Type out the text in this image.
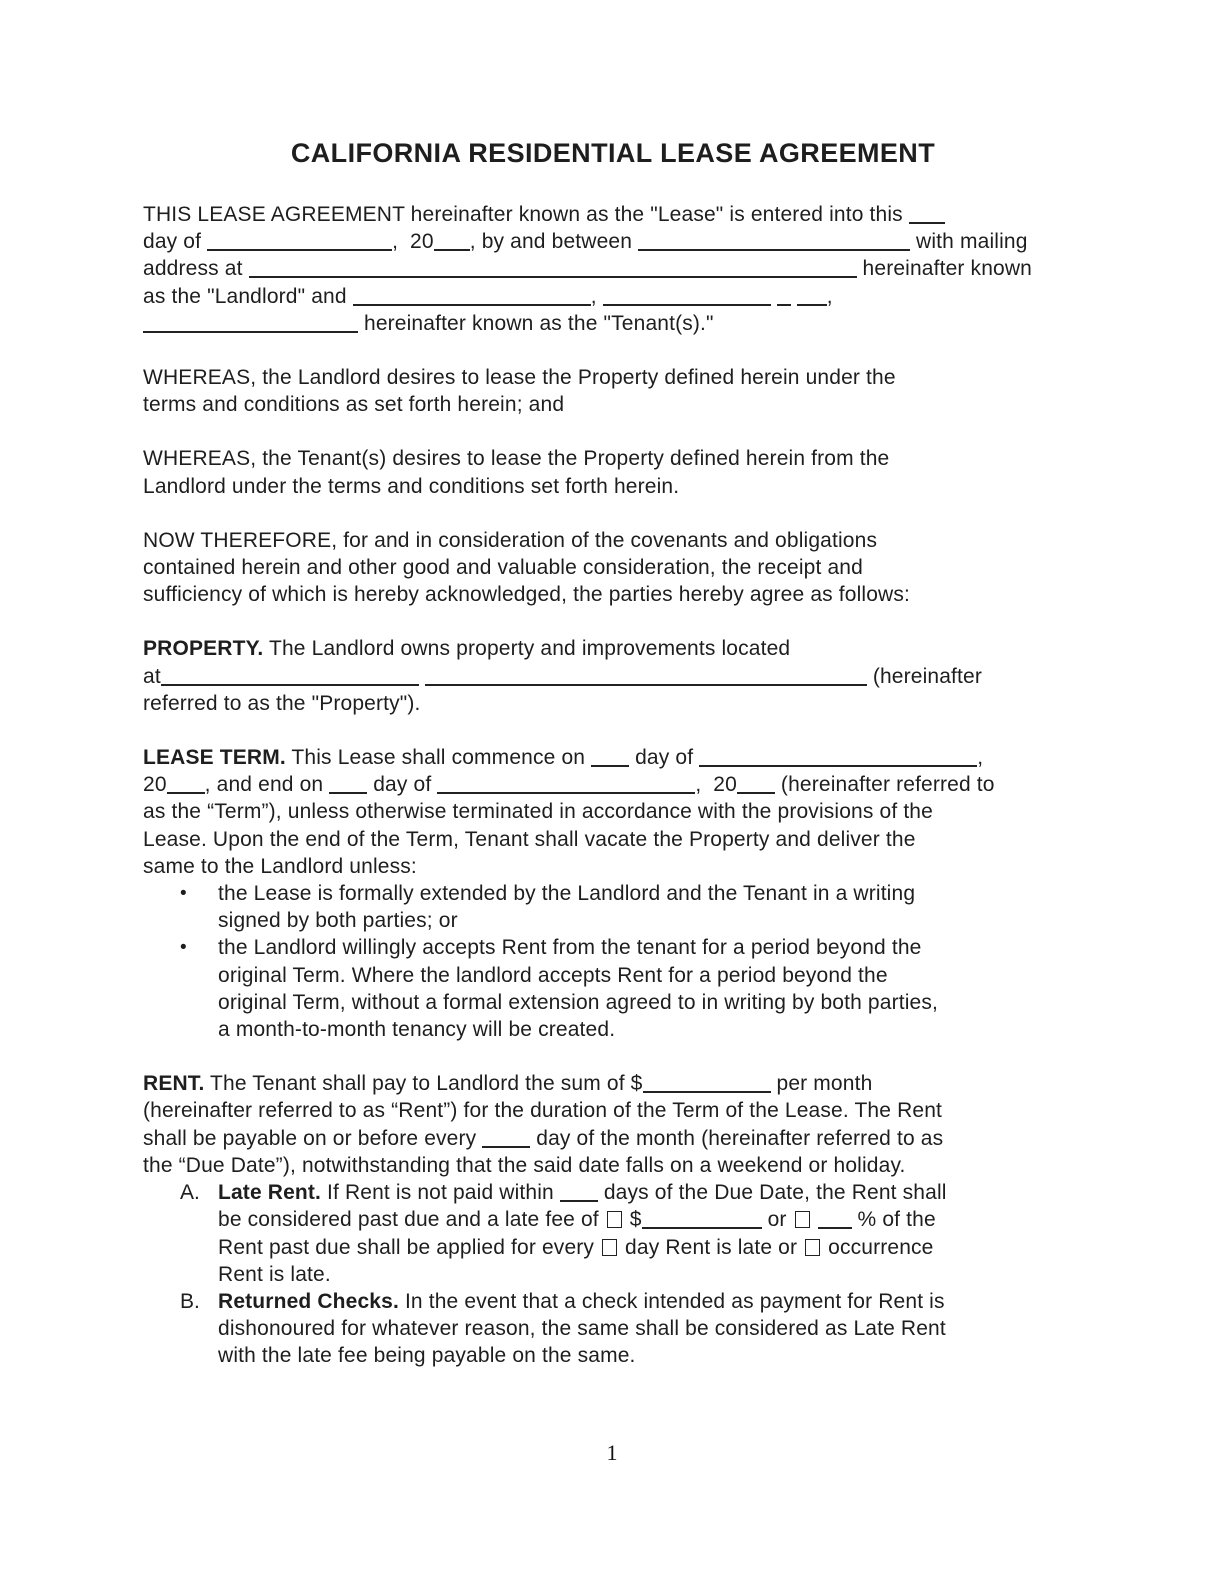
CALIFORNIA RESIDENTIAL LEASE AGREEMENT
THIS LEASE AGREEMENT hereinafter known as the "Lease" is entered into this
day of	,  20 , by and between	with mailing
address at	hereinafter known
as the "Landlord" and	,	,
hereinafter known as the "Tenant(s)."
WHEREAS, the Landlord desires to lease the Property defined herein under the
terms and conditions as set forth herein; and
WHEREAS, the Tenant(s) desires to lease the Property defined herein from the
Landlord under the terms and conditions set forth herein.
NOW THEREFORE, for and in consideration of the covenants and obligations
contained herein and other good and valuable consideration, the receipt and
sufficiency of which is hereby acknowledged, the parties hereby agree as follows:
PROPERTY. The Landlord owns property and improvements located
at	(hereinafter
referred to as the "Property").
LEASE TERM. This Lease shall commence on  day of	,
20 , and end on  day of	,  20 (hereinafter referred to
as the “Term”), unless otherwise terminated in accordance with the provisions of the
Lease. Upon the end of the Term, Tenant shall vacate the Property and deliver the
same to the Landlord unless:
•	the Lease is formally extended by the Landlord and the Tenant in a writing
signed by both parties; or
•	the Landlord willingly accepts Rent from the tenant for a period beyond the
original Term. Where the landlord accepts Rent for a period beyond the
original Term, without a formal extension agreed to in writing by both parties,
a month-to-month tenancy will be created.
RENT. The Tenant shall pay to Landlord the sum of $	per month
(hereinafter referred to as “Rent”) for the duration of the Term of the Lease. The Rent
shall be payable on or before every  day of the month (hereinafter referred to as
the “Due Date”), notwithstanding that the said date falls on a weekend or holiday.
A. Late Rent. If Rent is not paid within  days of the Due Date, the Rent shall
be considered past due and a late fee of  $	or	% of the
Rent past due shall be applied for every  day Rent is late or  occurrence
Rent is late.
B. Returned Checks. In the event that a check intended as payment for Rent is
dishonoured for whatever reason, the same shall be considered as Late Rent
with the late fee being payable on the same.
1
